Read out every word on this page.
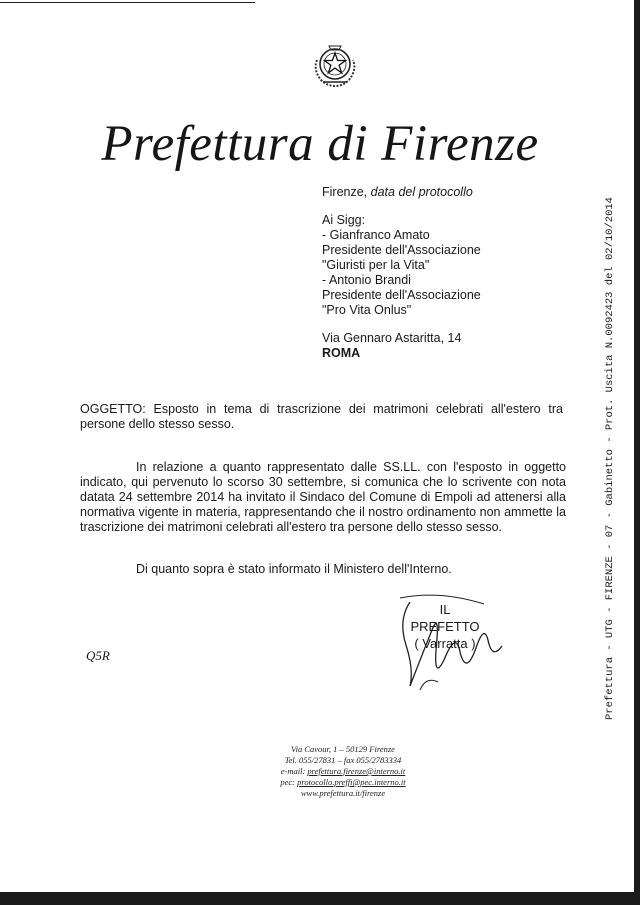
Prefettura di Firenze
Firenze, data del protocollo
Ai Sigg:
- Gianfranco Amato
Presidente dell'Associazione
"Giuristi per la Vita"
- Antonio Brandi
Presidente dell'Associazione
"Pro Vita Onlus"
Via Gennaro Astaritta, 14
ROMA
OGGETTO: Esposto in tema di trascrizione dei matrimoni celebrati all'estero tra persone dello stesso sesso.
In relazione a quanto rappresentato dalle SS.LL. con l'esposto in oggetto indicato, qui pervenuto lo scorso 30 settembre, si comunica che lo scrivente con nota datata 24 settembre 2014 ha invitato il Sindaco del Comune di Empoli ad attenersi alla normativa vigente in materia, rappresentando che il nostro ordinamento non ammette la trascrizione dei matrimoni celebrati all'estero tra persone dello stesso sesso.
Di quanto sopra è stato informato il Ministero dell'Interno.
IL PREFETTO
( Varratta )
Q5R
Via Cavour, 1 – 50129 Firenze
Tel. 055/27831 – fax 055/2783334
e-mail: prefettura.firenze@interno.it
pec: protocollo.preffi@pec.interno.it
www.prefettura.it/firenze
Prefettura - UTG - FIRENZE - 07 - Gabinetto - Prot. Uscita N.0092423 del 02/10/2014
